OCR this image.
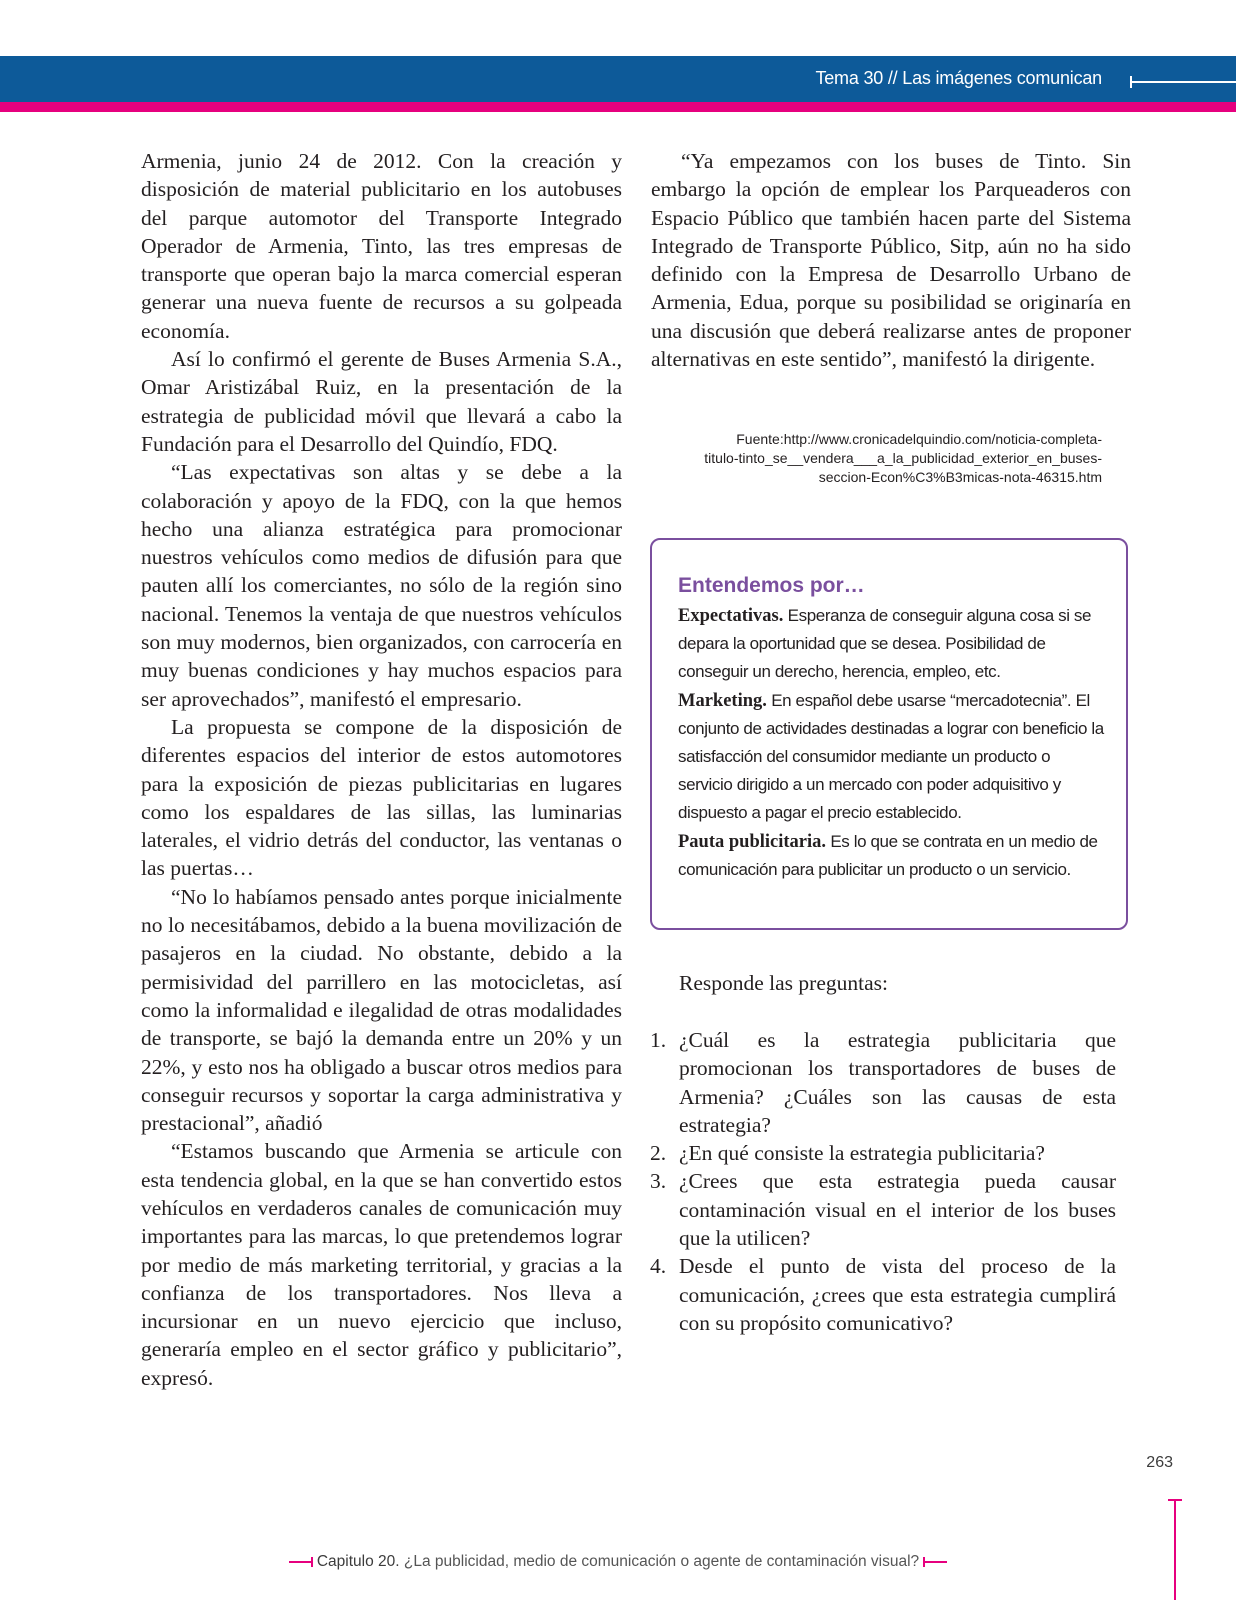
Tema 30 // Las imágenes comunican

Armenia, junio 24 de 2012. Con la creación y disposición de material publicitario en los autobuses del parque automotor del Transporte Integrado Operador de Armenia, Tinto, las tres empresas de transporte que operan bajo la marca comercial esperan generar una nueva fuente de recursos a su golpeada economía.

Así lo confirmó el gerente de Buses Armenia S.A., Omar Aristizábal Ruiz, en la presentación de la estrategia de publicidad móvil que llevará a cabo la Fundación para el Desarrollo del Quindío, FDQ.

“Las expectativas son altas y se debe a la colaboración y apoyo de la FDQ, con la que hemos hecho una alianza estratégica para promocionar nuestros vehículos como medios de difusión para que pauten allí los comerciantes, no sólo de la región sino nacional. Tenemos la ventaja de que nuestros vehículos son muy modernos, bien organizados, con carrocería en muy buenas condiciones y hay muchos espacios para ser aprovechados”, manifestó el empresario.

La propuesta se compone de la disposición de diferentes espacios del interior de estos automotores para la exposición de piezas publicitarias en lugares como los espaldares de las sillas, las luminarias laterales, el vidrio detrás del conductor, las ventanas o las puertas…

“No lo habíamos pensado antes porque inicialmente no lo necesitábamos, debido a la buena movilización de pasajeros en la ciudad. No obstante, debido a la permisividad del parrillero en las motocicletas, así como la informalidad e ilegalidad de otras modalidades de transporte, se bajó la demanda entre un 20% y un 22%, y esto nos ha obligado a buscar otros medios para conseguir recursos y soportar la carga administrativa y prestacional”, añadió

“Estamos buscando que Armenia se articule con esta tendencia global, en la que se han convertido estos vehículos en verdaderos canales de comunicación muy importantes para las marcas, lo que pretendemos lograr por medio de más marketing territorial, y gracias a la confianza de los transportadores. Nos lleva a incursionar en un nuevo ejercicio que incluso, generaría empleo en el sector gráfico y publicitario”, expresó.

“Ya empezamos con los buses de Tinto. Sin embargo la opción de emplear los Parqueaderos con Espacio Público que también hacen parte del Sistema Integrado de Transporte Público, Sitp, aún no ha sido definido con la Empresa de Desarrollo Urbano de Armenia, Edua, porque su posibilidad se originaría en una discusión que deberá realizarse antes de proponer alternativas en este sentido”, manifestó la dirigente.

Fuente:http://www.cronicadelquindio.com/noticia-completa-
titulo-tinto_se__vendera___a_la_publicidad_exterior_en_buses-
seccion-Econ%C3%B3micas-nota-46315.htm
Entendemos por…
Expectativas. Esperanza de conseguir alguna cosa si se depara la oportunidad que se desea. Posibilidad de conseguir un derecho, herencia, empleo, etc.
Marketing. En español debe usarse “mercadotecnia”. El conjunto de actividades destinadas a lograr con beneficio la satisfacción del consumidor mediante un producto o servicio dirigido a un mercado con poder adquisitivo y dispuesto a pagar el precio establecido.
Pauta publicitaria. Es lo que se contrata en un medio de comunicación para publicitar un producto o un servicio.
Responde las preguntas:
1. ¿Cuál es la estrategia publicitaria que promocionan los transportadores de buses de Armenia? ¿Cuáles son las causas de esta estrategia?
2. ¿En qué consiste la estrategia publicitaria?
3. ¿Crees que esta estrategia pueda causar contaminación visual en el interior de los buses que la utilicen?
4. Desde el punto de vista del proceso de la comunicación, ¿crees que esta estrategia cumplirá con su propósito comunicativo?
263
Capitulo 20. ¿La publicidad, medio de comunicación o agente de contaminación visual?
